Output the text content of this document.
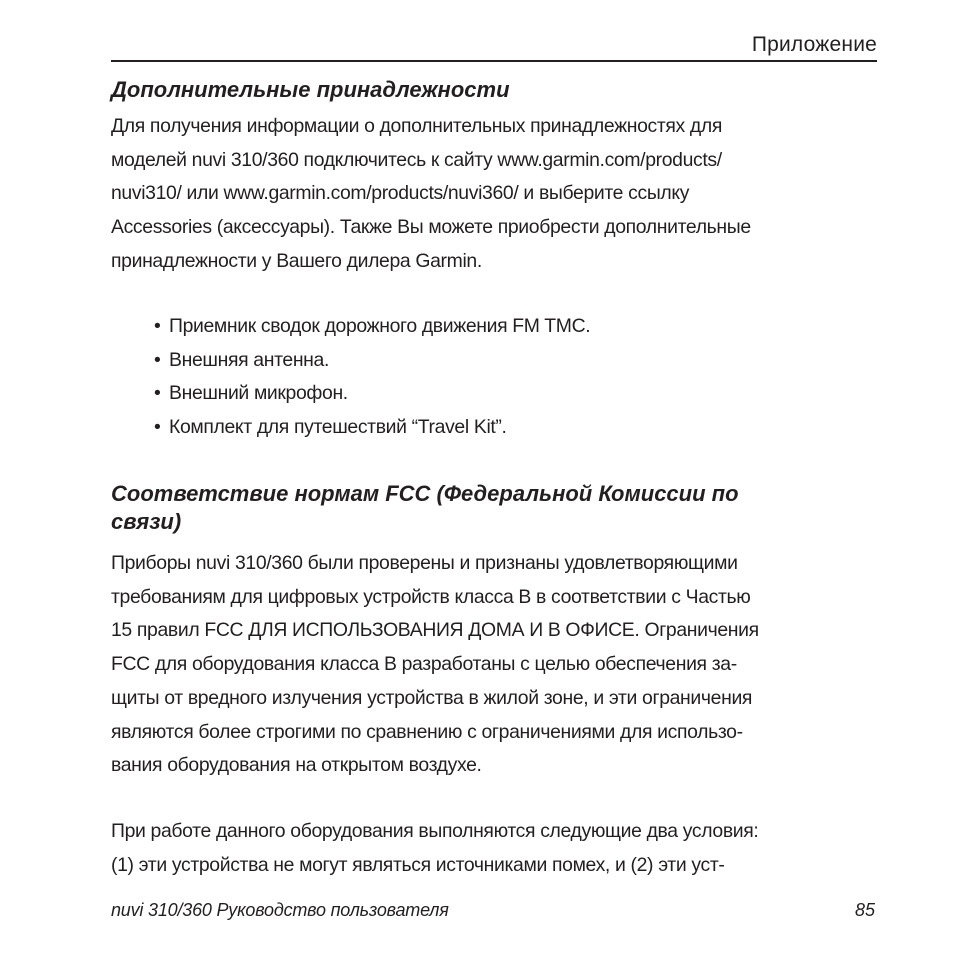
Приложение
Дополнительные принадлежности
Для получения информации о дополнительных принадлежностях для
моделей nuvi 310/360 подключитесь к сайту www.garmin.com/products/
nuvi310/ или www.garmin.com/products/nuvi360/ и выберите ссылку
Accessories (аксессуары). Также Вы можете приобрести дополнительные
принадлежности у Вашего дилера Garmin.
• Приемник сводок дорожного движения FM TMC.
• Внешняя антенна.
• Внешний микрофон.
• Комплект для путешествий “Travel Kit”.
Соответствие нормам FCC (Федеральной Комиссии по
связи)
Приборы nuvi 310/360 были проверены и признаны удовлетворяющими
требованиям для цифровых устройств класса B в соответствии с Частью
15 правил FCC ДЛЯ ИСПОЛЬЗОВАНИЯ ДОМА И В ОФИСЕ. Ограничения
FCC для оборудования класса B разработаны с целью обеспечения за-
щиты от вредного излучения устройства в жилой зоне, и эти ограничения
являются более строгими по сравнению с ограничениями для использо-
вания оборудования на открытом воздухе.
При работе данного оборудования выполняются следующие два условия:
(1) эти устройства не могут являться источниками помех, и (2) эти уст-
nuvi 310/360 Руководство пользователя	85
